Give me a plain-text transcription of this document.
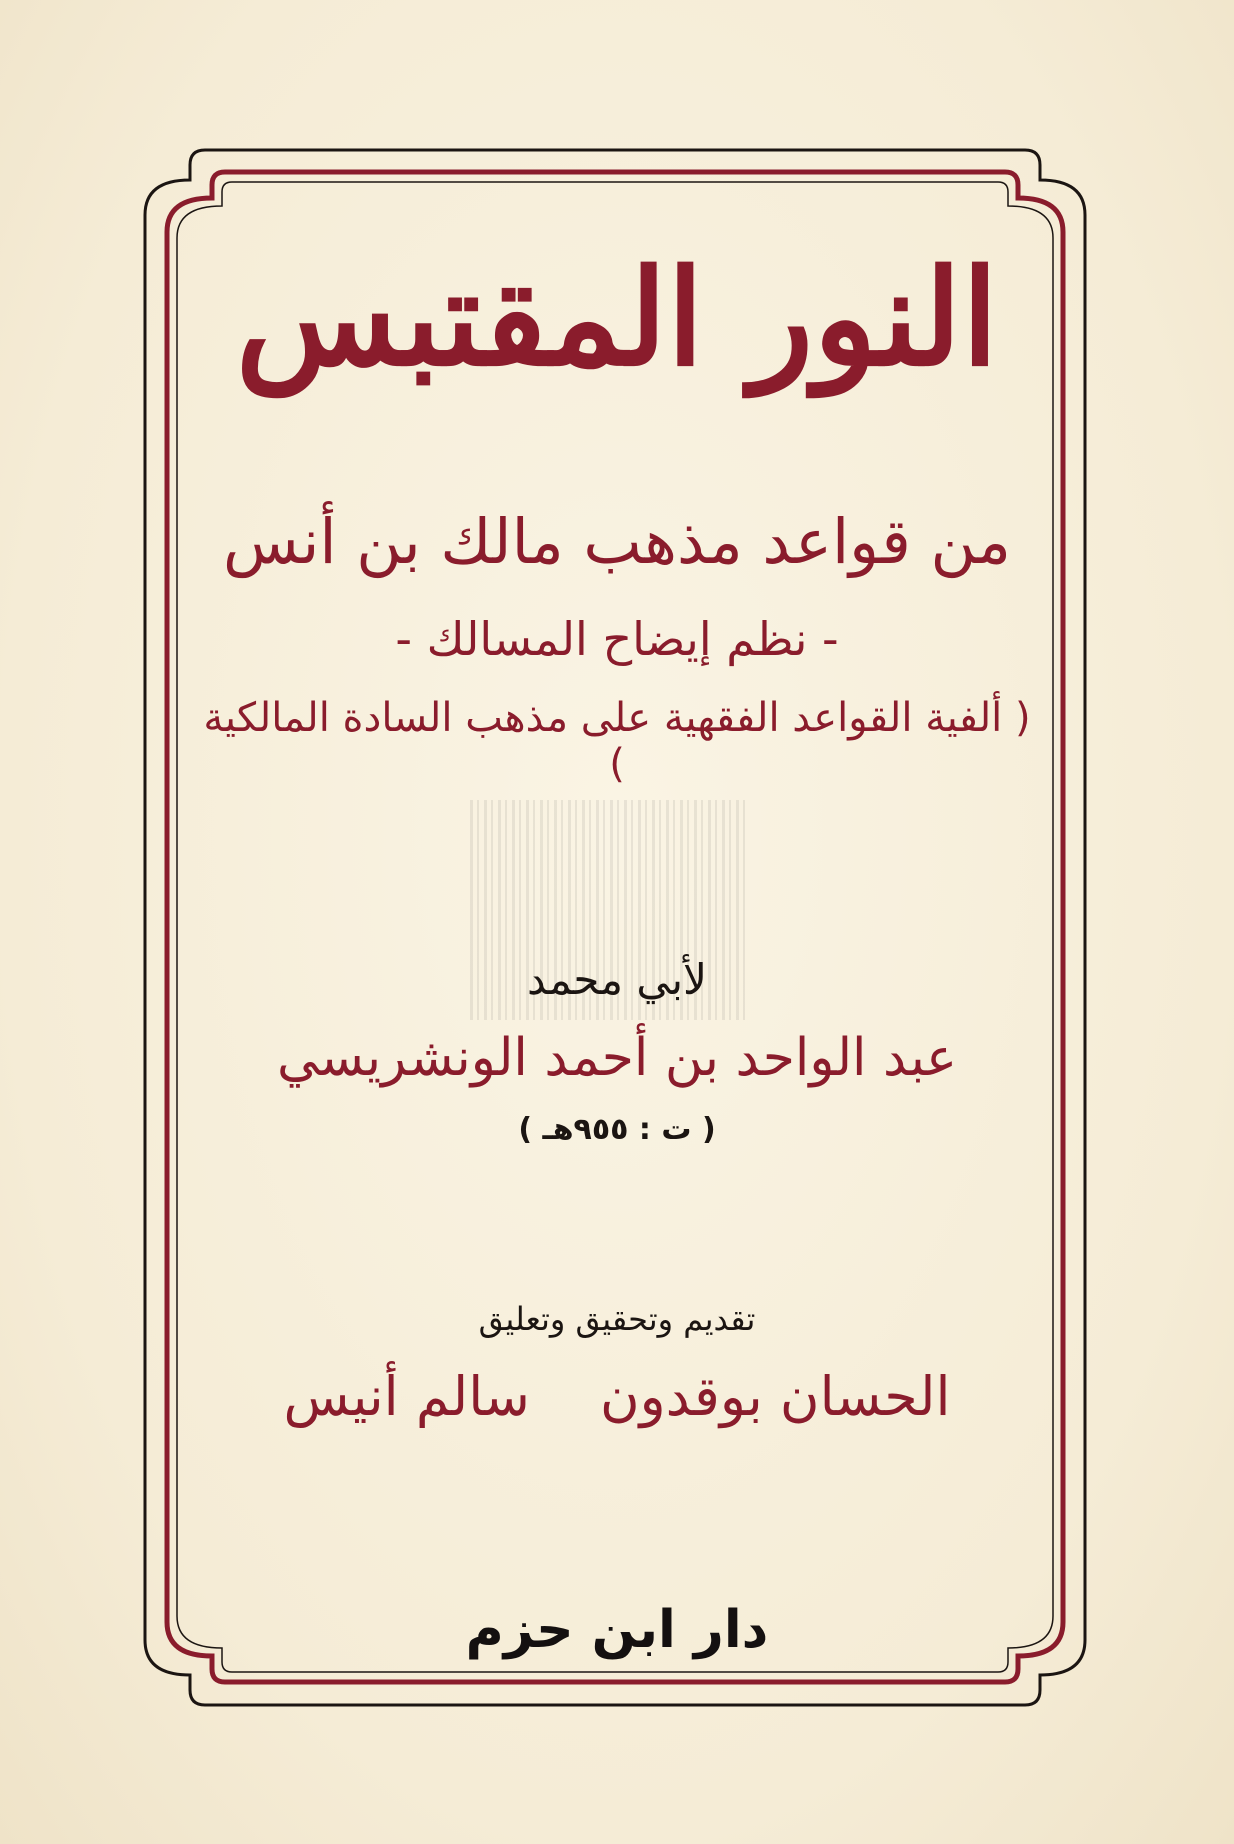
النور المقتبس
من قواعد مذهب مالك بن أنس
- نظم إيضاح المسالك -
( ألفية القواعد الفقهية على مذهب السادة المالكية )
لأبي محمد
عبد الواحد بن أحمد الونشريسي
( ت : ٩٥٥هـ )
تقديم وتحقيق وتعليق
سالم أنيس الحسان بوقدون
دار ابن حزم
